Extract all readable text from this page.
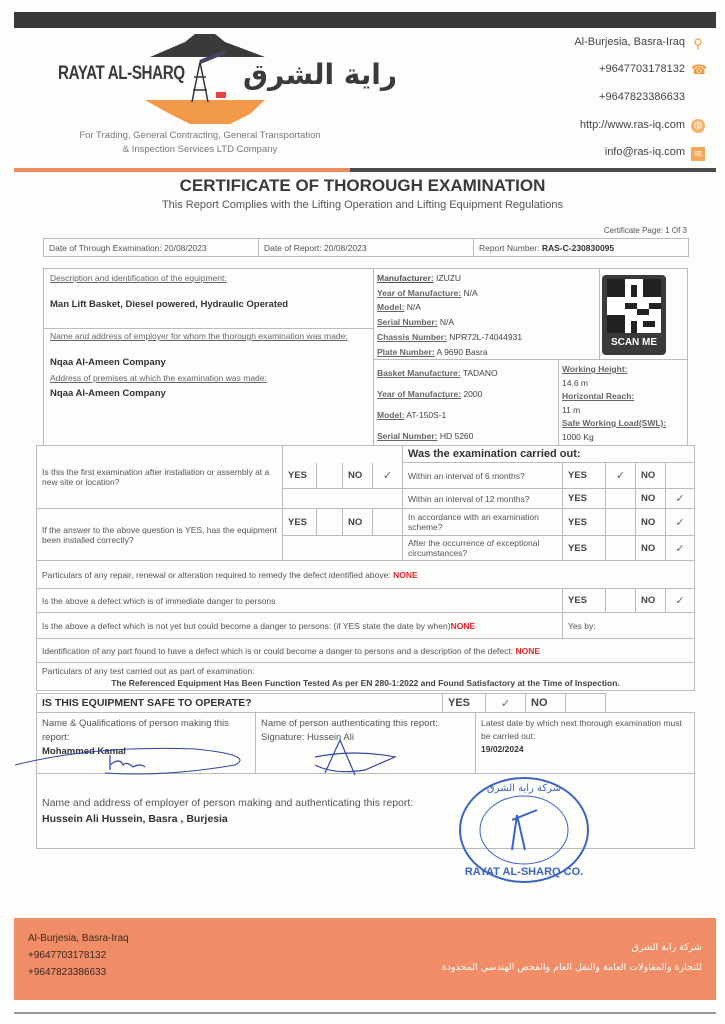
RAYAT AL-SHARQ راية الشرق
For Trading, General Contracting, General Transportation
& Inspection Services LTD Company
Al-Burjesia, Basra-Iraq ⚲
+9647703178132 ☎
+9647823386633
http://www.ras-iq.com ◍
info@ras-iq.com	✉
CERTIFICATE OF THOROUGH EXAMINATION
This Report Complies with the Lifting Operation and Lifting Equipment Regulations
Certificate Page: 1 Of 3
Date of Through Examination: 20/08/2023	Date of Report: 20/08/2023	Report Number: RAS-C-230830095
Description and identification of the equipment:
Man Lift Basket, Diesel powered, Hydraulic Operated
Name and address of employer for whom the thorough examination was made:
Nqaa Al-Ameen Company
Address of premises at which the examination was made:
Nqaa Al-Ameen Company
Manufacturer: IZUZU
Year of Manufacture: N/A
Model: N/A
Serial Number: N/A
Chassis Number: NPR72L-74044931
Plate Number: A 9690 Basra
SCAN ME
Basket Manufacture: TADANO
Year of Manufacture: 2000
Model: AT-150S-1
Serial Number: HD 5260
Working Height:
14.6 m
Horizontal Reach:
11 m
Safe Working Load(SWL):
1000 Kg
Is this the first examination after installation or assembly at a new site or location?					Was the examination carried out:				
	YES		NO	✓	Within an interval of 6 months?	YES	✓	NO	
					Within an interval of 12 months?	YES		NO	✓
If the answer to the above question is YES, has the equipment been installed correctly?	YES		NO		In accordance with an examination scheme?	YES		NO	✓
					After the occurrence of exceptional circumstances?	YES		NO	✓
Particulars of any repair, renewal or alteration required to remedy the defect identified above: NONE									
Is the above a defect which is of immediate danger to persons						YES		NO	✓
Is the above a defect which is not yet but could become a danger to persons: (if YES state the date by when)NONE						Yes by:			
Identification of any part found to have a defect which is or could become a danger to persons and a description of the defect: NONE									

Particulars of any test carried out as part of examination:
The Referenced Equipment Has Been Function Tested As per EN 280-1:2022 and Found Satisfactory at the Time of Inspection.									
IS THIS EQUIPMENT SAFE TO OPERATE?	YES	✓	NO		
Name & Qualifications of person making this report:
Mohammed Kamal

Name of person authenticating this report:
Signature: Hussein Ali

Latest date by which next thorough examination must be carried out:
19/02/2024

Name and address of employer of person making and authenticating this report:
Hussein Ali Hussein, Basra , Burjesia
RAYAT AL-SHARQ CO.
شركة راية الشرق
Al-Burjesia, Basra-Iraq
+9647703178132
+9647823386633
شركة راية الشرق
للتجارة والمقاولات العامة والنقل العام والفحص الهندسي المحدودة
